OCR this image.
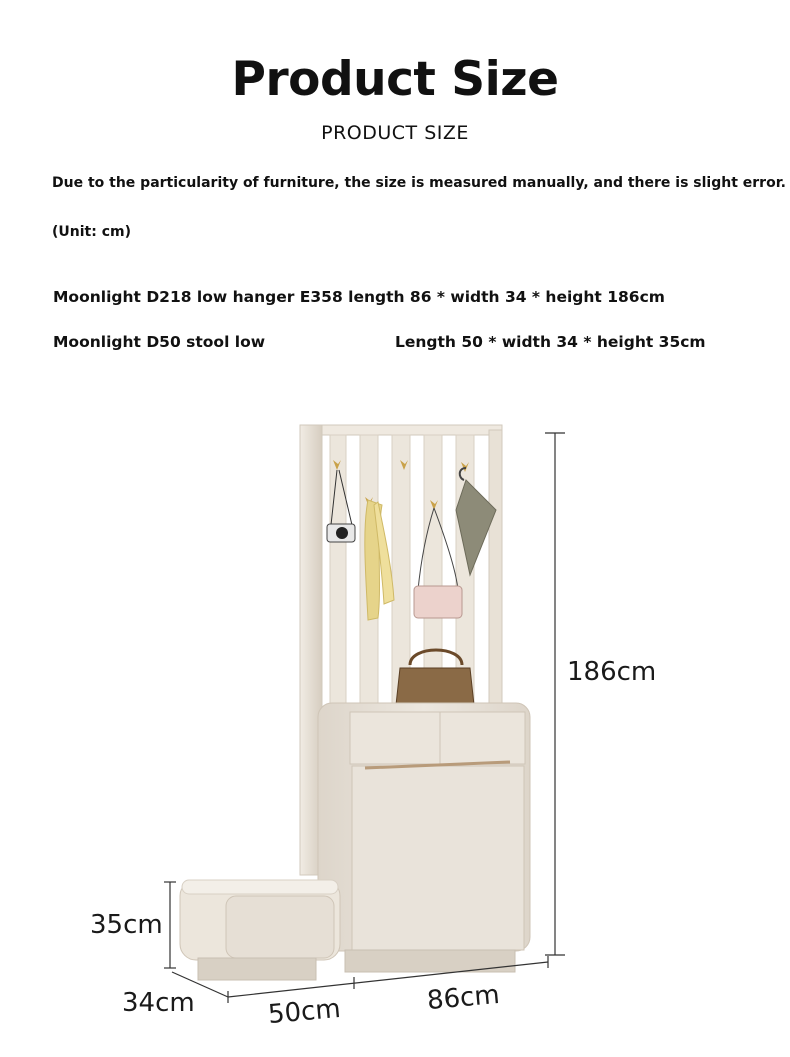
Product Size
PRODUCT SIZE
Due to the particularity of furniture, the size is measured manually, and there is slight error.
(Unit: cm)
Moonlight D218 low hanger E358 length 86 * width 34 * height 186cm
Moonlight D50 stool low	Length 50 * width 34 * height 35cm
186cm
35cm
34cm	50cm	86cm
